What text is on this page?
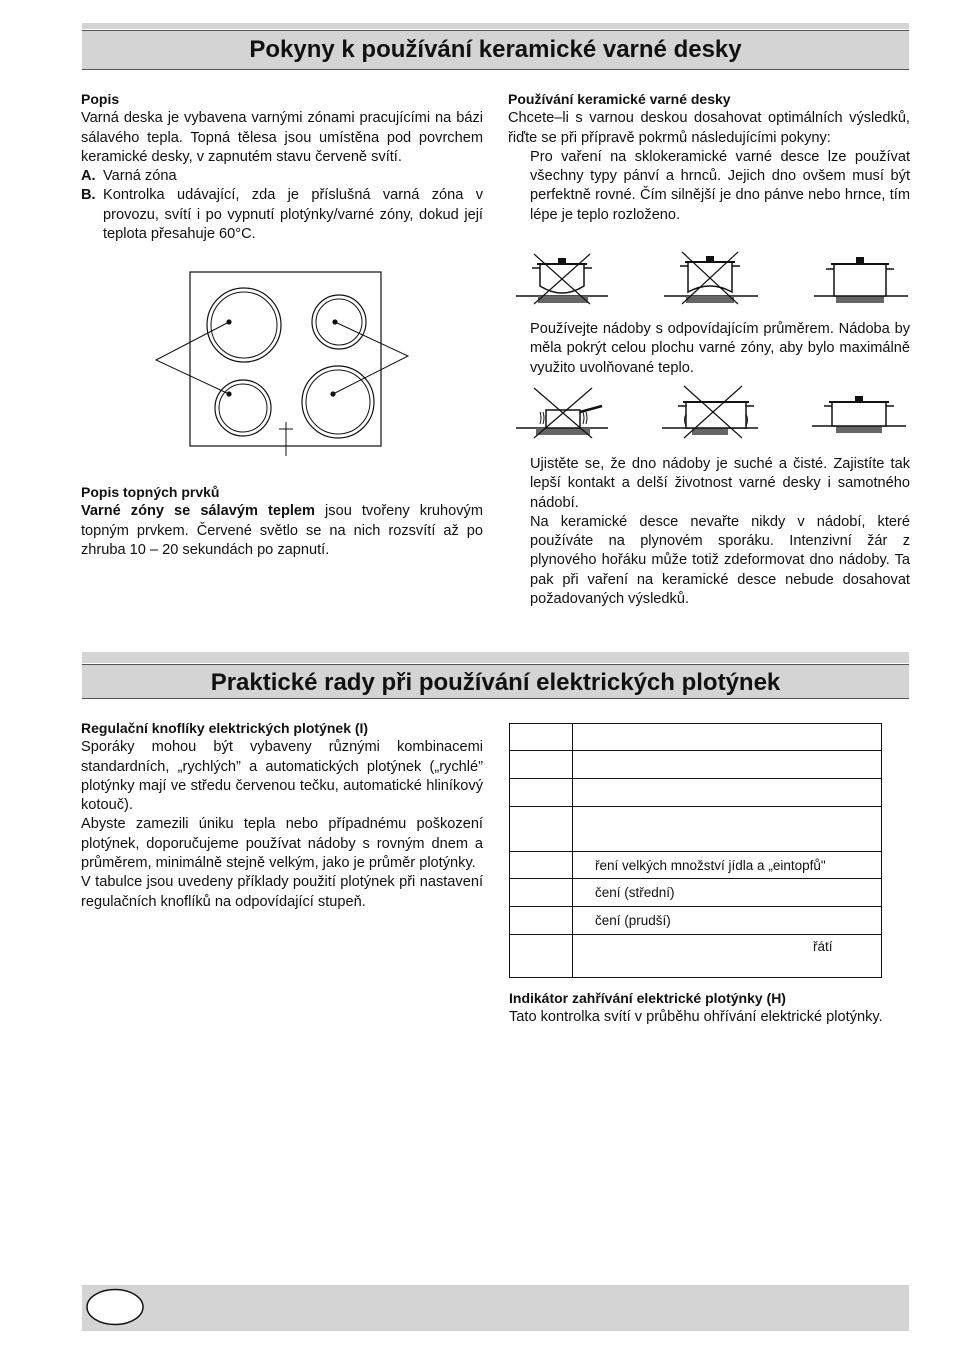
Pokyny k používání keramické varné desky

Popis

Varná deska je vybavena varnými zónami pracujícími na bázi sálavého tepla. Topná tělesa jsou umístěna pod povrchem keramické desky, v zapnutém stavu červeně svítí.

A. Varná zóna
B. Kontrolka udávající, zda je příslušná varná zóna v provozu, svítí i po vypnutí plotýnky/varné zóny, dokud její teplota přesahuje 60°C.

Popis topných prvků

Varné zóny se sálavým teplem jsou tvořeny kruhovým topným prvkem. Červené světlo se na nich rozsvítí až po zhruba 10 – 20 sekundách po zapnutí.

Používání keramické varné desky

Chcete–li s varnou deskou dosahovat optimálních výsledků, řiďte se při přípravě pokrmů následujícími pokyny:

Pro vaření na sklokeramické varné desce lze používat všechny typy pánví a hrnců. Jejich dno ovšem musí být perfektně rovné. Čím silnější je dno pánve nebo hrnce, tím lépe je teplo rozloženo.

Používejte nádoby s odpovídajícím průměrem. Nádoba by měla pokrýt celou plochu varné zóny, aby bylo maximálně využito uvolňované teplo.

Ujistěte se, že dno nádoby je suché a čisté. Zajistíte tak lepší kontakt a delší životnost varné desky i samotného nádobí.

Na keramické desce nevařte nikdy v nádobí, které používáte na plynovém sporáku. Intenzivní žár z plynového hořáku může totiž zdeformovat dno nádoby. Ta pak při vaření na keramické desce nebude dosahovat požadovaných výsledků.

Praktické rady při používání elektrických plotýnek

Regulační knoflíky elektrických plotýnek (I)

Sporáky mohou být vybaveny různými kombinacemi standardních, „rychlých” a automatických plotýnek („rychlé” plotýnky mají ve středu červenou tečku, automatické hliníkový kotouč).

Abyste zamezili úniku tepla nebo případnému poškození plotýnek, doporučujeme používat nádoby s rovným dnem a průměrem, minimálně stejně velkým, jako je průměr plotýnky.

V tabulce jsou uvedeny příklady použití plotýnek při nastavení regulačních knoflíků na odpovídající stupeň.

	ření velkých množství jídla a „eintopfů"
	čení (střední)
	čení (prudší)
	řátí

Indikátor zahřívání elektrické plotýnky (H)

Tato kontrolka svítí v průběhu ohřívání elektrické plotýnky.
